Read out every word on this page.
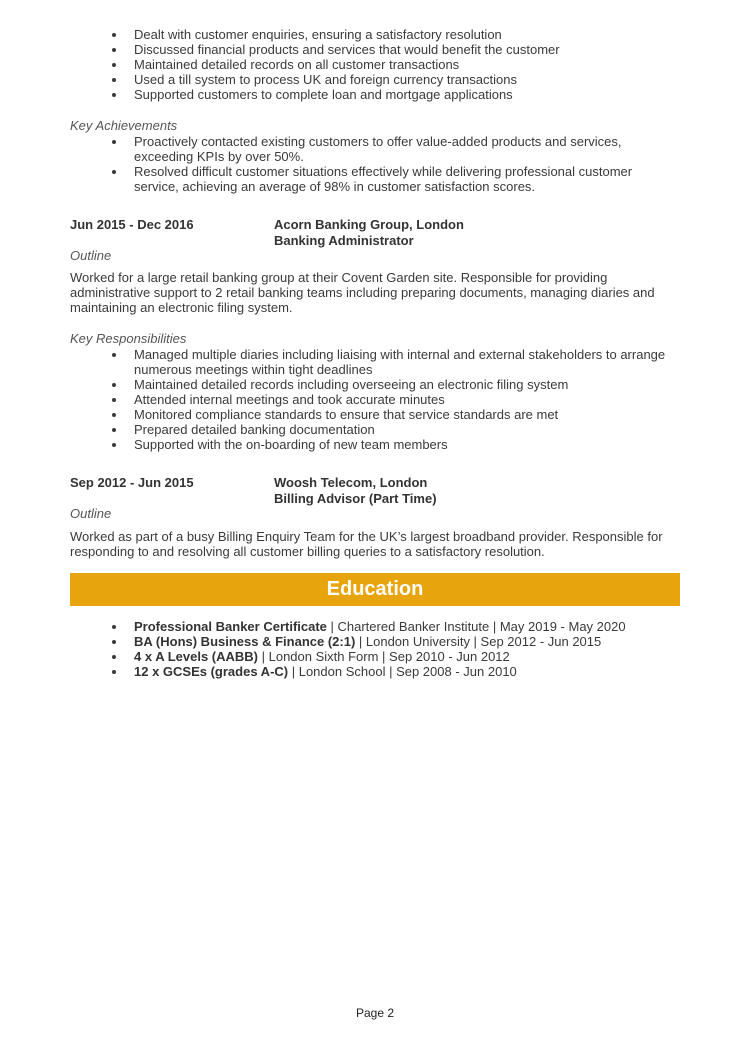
Dealt with customer enquiries, ensuring a satisfactory resolution
Discussed financial products and services that would benefit the customer
Maintained detailed records on all customer transactions
Used a till system to process UK and foreign currency transactions
Supported customers to complete loan and mortgage applications
Key Achievements
Proactively contacted existing customers to offer value-added products and services, exceeding KPIs by over 50%.
Resolved difficult customer situations effectively while delivering professional customer service, achieving an average of 98% in customer satisfaction scores.
Jun 2015 - Dec 2016	Acorn Banking Group, London
Banking Administrator
Outline
Worked for a large retail banking group at their Covent Garden site. Responsible for providing administrative support to 2 retail banking teams including preparing documents, managing diaries and maintaining an electronic filing system.
Key Responsibilities
Managed multiple diaries including liaising with internal and external stakeholders to arrange numerous meetings within tight deadlines
Maintained detailed records including overseeing an electronic filing system
Attended internal meetings and took accurate minutes
Monitored compliance standards to ensure that service standards are met
Prepared detailed banking documentation
Supported with the on-boarding of new team members
Sep 2012 - Jun 2015	Woosh Telecom, London
Billing Advisor (Part Time)
Outline
Worked as part of a busy Billing Enquiry Team for the UK’s largest broadband provider. Responsible for responding to and resolving all customer billing queries to a satisfactory resolution.
Education
Professional Banker Certificate | Chartered Banker Institute | May 2019 - May 2020
BA (Hons) Business & Finance (2:1) | London University | Sep 2012 - Jun 2015
4 x A Levels (AABB) | London Sixth Form | Sep 2010 - Jun 2012
12 x GCSEs (grades A-C) | London School | Sep 2008 - Jun 2010
Page 2
